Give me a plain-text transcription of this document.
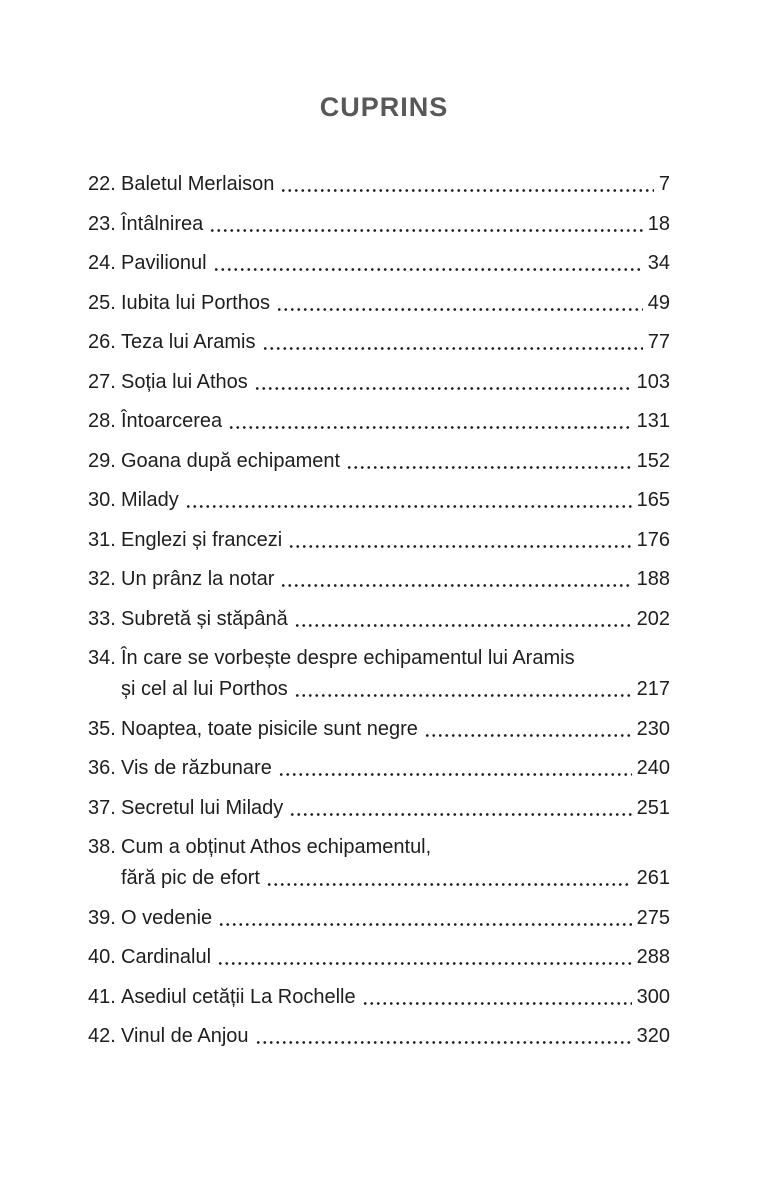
CUPRINS
22. Baletul Merlaison	7
23. Întâlnirea	18
24. Pavilionul	34
25. Iubita lui Porthos	49
26. Teza lui Aramis	77
27. Soția lui Athos	103
28. Întoarcerea	131
29. Goana după echipament	152
30. Milady	165
31. Englezi și francezi	176
32. Un prânz la notar	188
33. Subretă și stăpână	202
34. În care se vorbește despre echipamentul lui Aramis
și cel al lui Porthos	217
35. Noaptea, toate pisicile sunt negre	230
36. Vis de răzbunare	240
37. Secretul lui Milady	251
38. Cum a obținut Athos echipamentul,
fără pic de efort	261
39. O vedenie	275
40. Cardinalul	288
41. Asediul cetății La Rochelle	300
42. Vinul de Anjou	320
